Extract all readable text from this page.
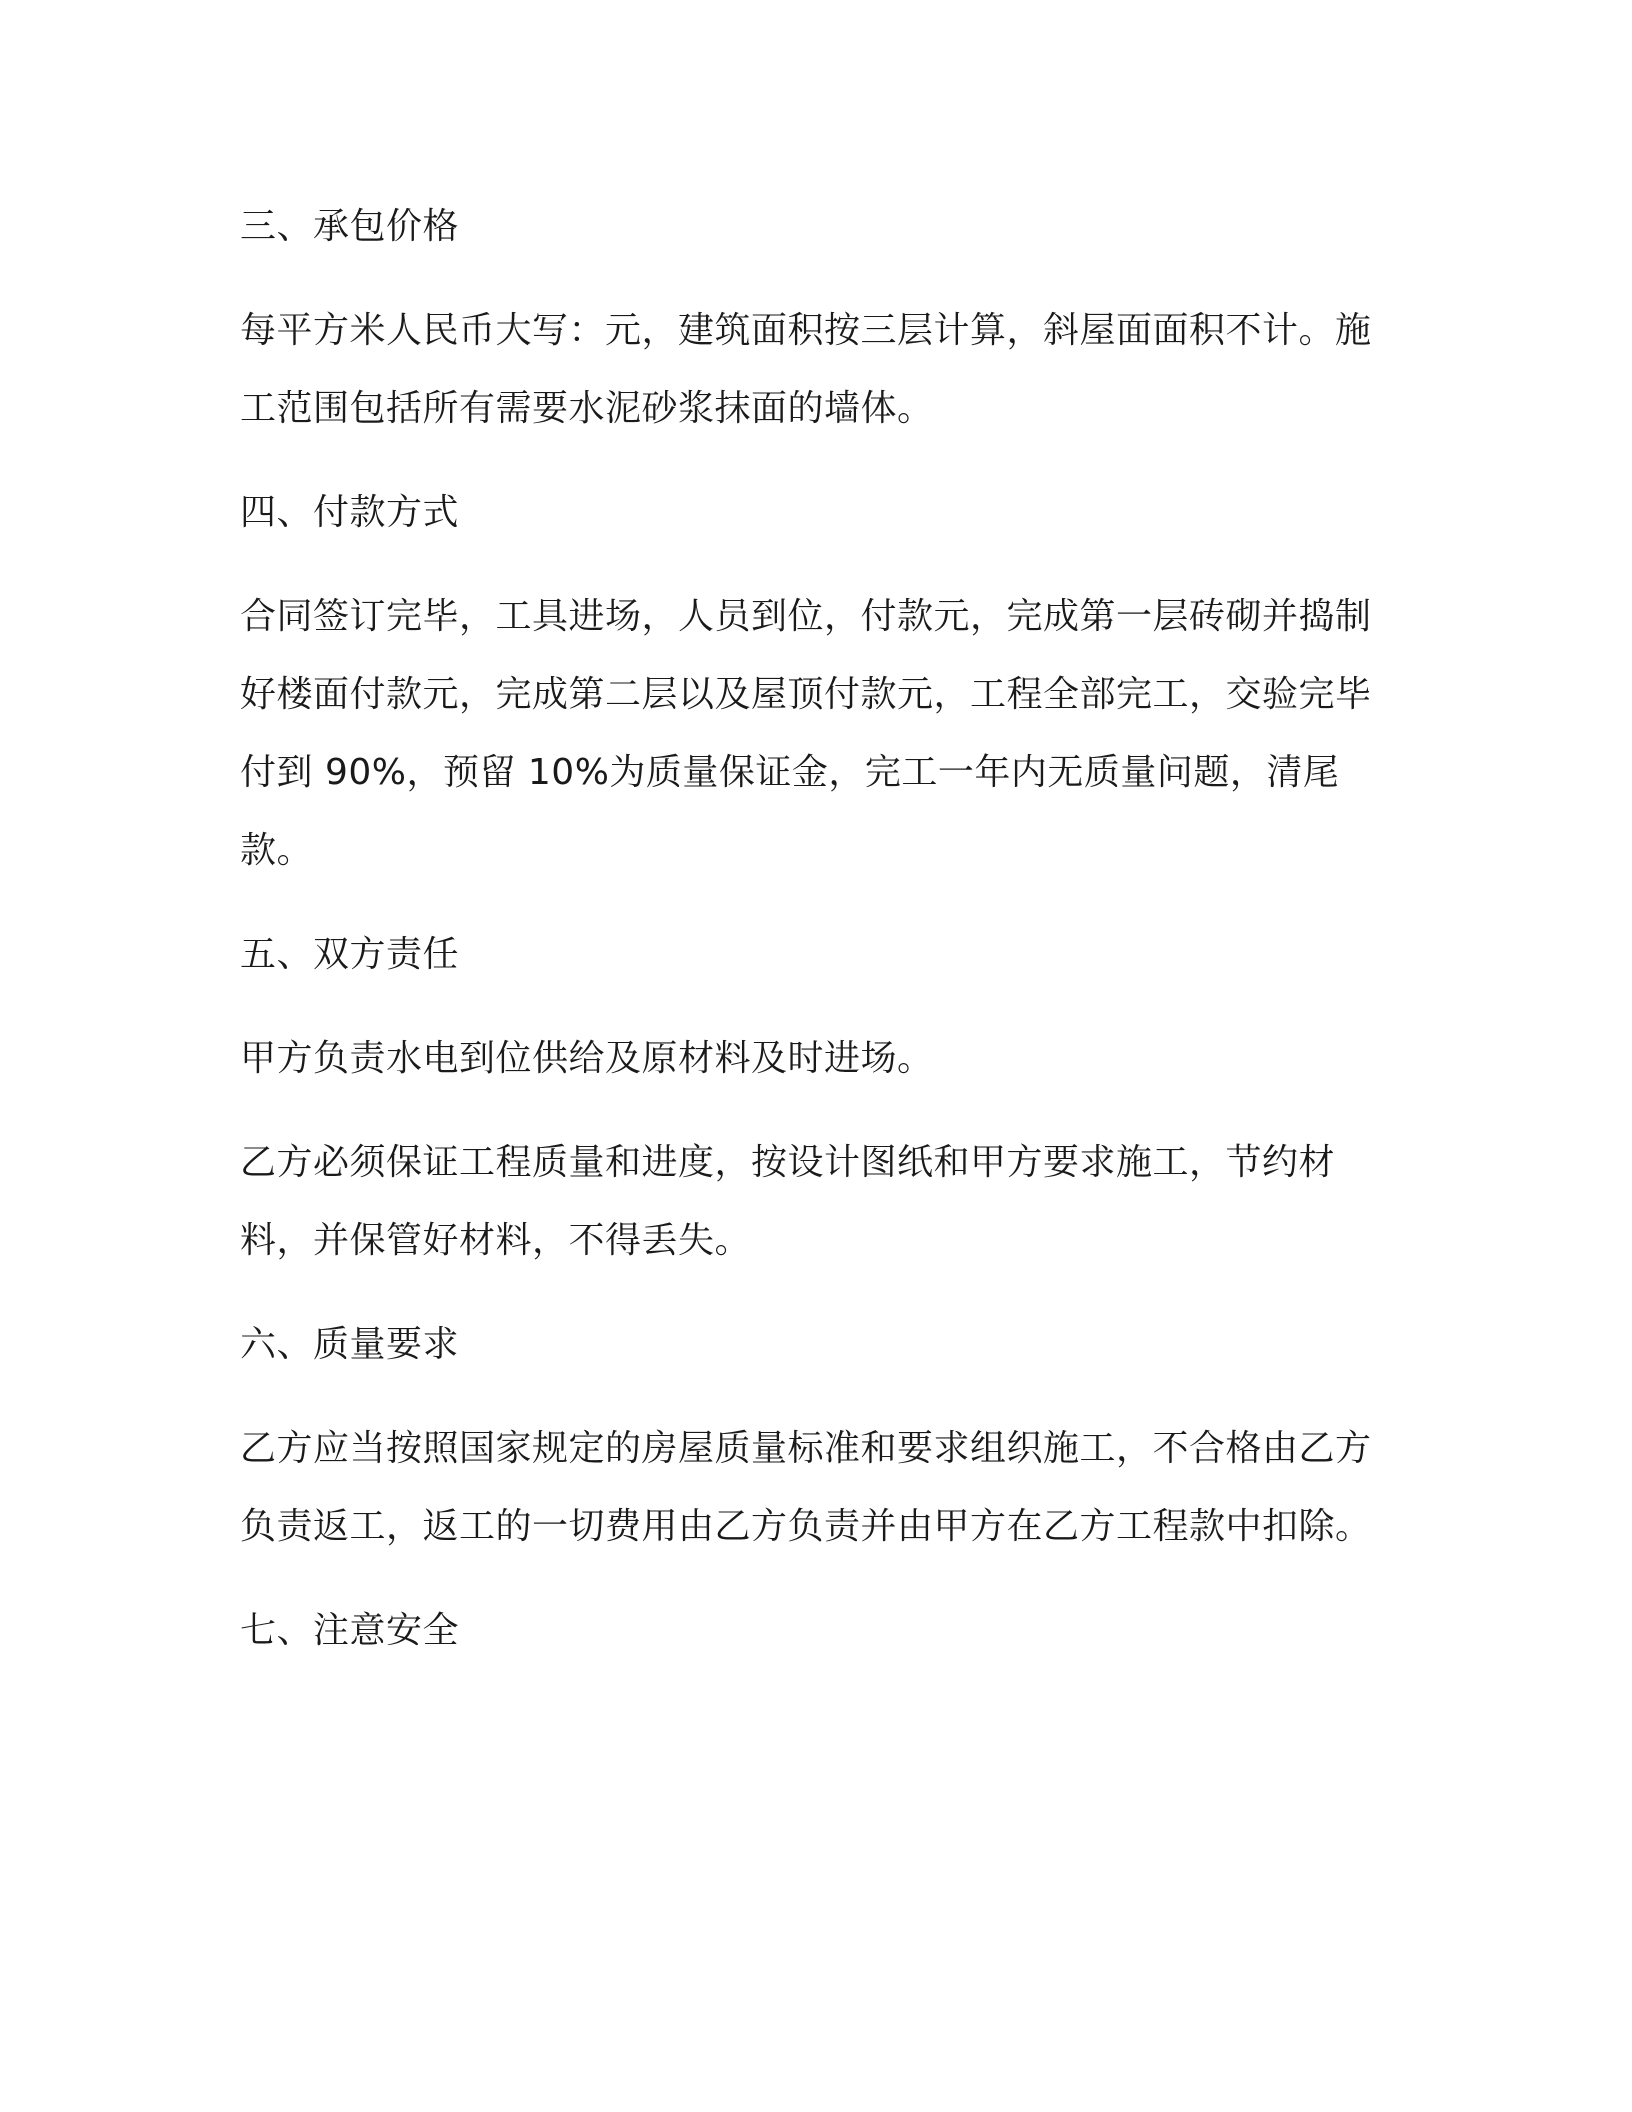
三、承包价格

每平方米人民币大写：元，建筑面积按三层计算，斜屋面面积不计。施工范围包括所有需要水泥砂浆抹面的墙体。

四、付款方式

合同签订完毕，工具进场，人员到位，付款元，完成第一层砖砌并捣制好楼面付款元，完成第二层以及屋顶付款元，工程全部完工，交验完毕付到 90%，预留 10%为质量保证金，完工一年内无质量问题，清尾款。

五、双方责任

甲方负责水电到位供给及原材料及时进场。

乙方必须保证工程质量和进度，按设计图纸和甲方要求施工，节约材料，并保管好材料，不得丢失。

六、质量要求

乙方应当按照国家规定的房屋质量标准和要求组织施工，不合格由乙方负责返工，返工的一切费用由乙方负责并由甲方在乙方工程款中扣除。

七、注意安全
